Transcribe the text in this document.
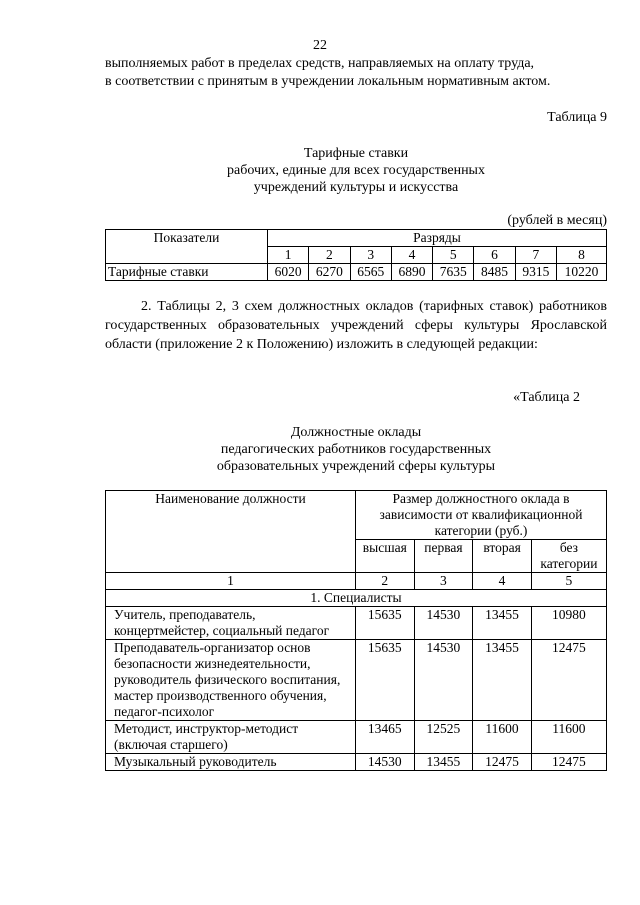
22

выполняемых работ в пределах средств, направляемых на оплату труда,

в соответствии с принятым в учреждении локальным нормативным актом.

Таблица 9
Тарифные ставки
рабочих, единые для всех государственных
учреждений культуры и искусства
(рублей в месяц)
Показатели	Разряды							
	1	2	3	4	5	6	7	8
Тарифные ставки	6020	6270	6565	6890	7635	8485	9315	10220

2. Таблицы 2, 3 схем должностных окладов (тарифных ставок) работников государственных образовательных учреждений сферы культуры Ярославской области (приложение 2 к Положению) изложить в следующей редакции:

«Таблица 2
Должностные оклады
педагогических работников государственных
образовательных учреждений сферы культуры
Наименование должности	Размер должностного оклада в зависимости от квалификационной категории (руб.)			
	высшая	первая	вторая	без категории
1	2	3	4	5
1. Специалисты				
Учитель, преподаватель, концертмейстер, социальный педагог	15635	14530	13455	10980
Преподаватель-организатор основ безопасности жизнедеятельности, руководитель физического воспитания, мастер производственного обучения, педагог-психолог	15635	14530	13455	12475
Методист, инструктор-методист (включая старшего)	13465	12525	11600	11600
Музыкальный руководитель	14530	13455	12475	12475
